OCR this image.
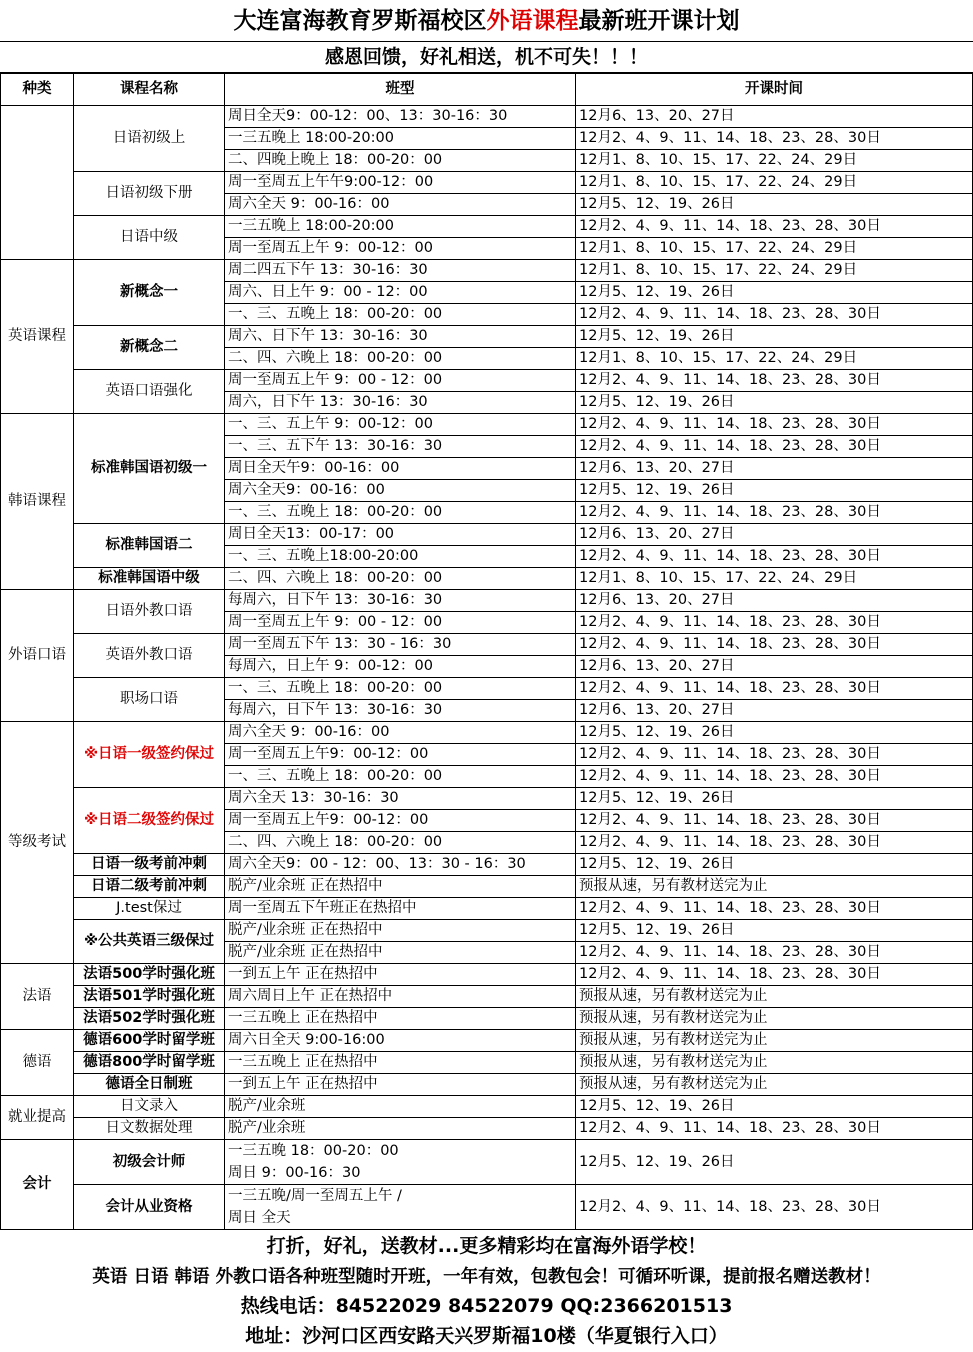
大连富海教育罗斯福校区外语课程最新班开课计划
感恩回馈，好礼相送，机不可失！！！
种类	课程名称	班型	开课时间
	日语初级上	周日全天9：00-12：00、13：30-16：30	12月6、13、20、27日
		一三五晚上 18:00-20:00	12月2、4、9、11、14、18、23、28、30日
		二、四晚上晚上 18：00-20：00	12月1、8、10、15、17、22、24、29日
	日语初级下册	周一至周五上午午9:00-12：00	12月1、8、10、15、17、22、24、29日
		周六全天 9：00-16：00	12月5、12、19、26日
	日语中级	一三五晚上 18:00-20:00	12月2、4、9、11、14、18、23、28、30日
		周一至周五上午 9：00-12：00	12月1、8、10、15、17、22、24、29日
英语课程	新概念一	周二四五下午 13：30-16：30	12月1、8、10、15、17、22、24、29日
		周六、日上午 9：00 - 12：00	12月5、12、19、26日
		一、三、五晚上 18：00-20：00	12月2、4、9、11、14、18、23、28、30日
	新概念二	周六、日下午 13：30-16：30	12月5、12、19、26日
		二、四、六晚上 18：00-20：00	12月1、8、10、15、17、22、24、29日
	英语口语强化	周一至周五上午 9：00 - 12：00	12月2、4、9、11、14、18、23、28、30日
		周六，日下午 13：30-16：30	12月5、12、19、26日
韩语课程	标准韩国语初级一	一、三、五上午 9：00-12：00	12月2、4、9、11、14、18、23、28、30日
		一、三、五下午 13：30-16：30	12月2、4、9、11、14、18、23、28、30日
		周日全天午9：00-16：00	12月6、13、20、27日
		周六全天9：00-16：00	12月5、12、19、26日
		一、三、五晚上 18：00-20：00	12月2、4、9、11、14、18、23、28、30日
	标准韩国语二	周日全天13：00-17：00	12月6、13、20、27日
		一、三、五晚上18:00-20:00	12月2、4、9、11、14、18、23、28、30日
	标准韩国语中级	二、四、六晚上 18：00-20：00	12月1、8、10、15、17、22、24、29日
外语口语	日语外教口语	每周六，日下午 13：30-16：30	12月6、13、20、27日
		周一至周五上午 9：00 - 12：00	12月2、4、9、11、14、18、23、28、30日
	英语外教口语	周一至周五下午 13：30 - 16：30	12月2、4、9、11、14、18、23、28、30日
		每周六，日上午 9：00-12：00	12月6、13、20、27日
	职场口语	一、三、五晚上 18：00-20：00	12月2、4、9、11、14、18、23、28、30日
		每周六，日下午 13：30-16：30	12月6、13、20、27日
等级考试	※日语一级签约保过	周六全天 9：00-16：00	12月5、12、19、26日
		周一至周五上午9：00-12：00	12月2、4、9、11、14、18、23、28、30日
		一、三、五晚上 18：00-20：00	12月2、4、9、11、14、18、23、28、30日
	※日语二级签约保过	周六全天 13：30-16：30	12月5、12、19、26日
		周一至周五上午9：00-12：00	12月2、4、9、11、14、18、23、28、30日
		二、四、六晚上 18：00-20：00	12月2、4、9、11、14、18、23、28、30日
	日语一级考前冲刺	周六全天9：00 - 12：00、13：30 - 16：30	12月5、12、19、26日
	日语二级考前冲刺	脱产/业余班 正在热招中	预报从速，另有教材送完为止
	J.test保过	周一至周五下午班正在热招中	12月2、4、9、11、14、18、23、28、30日
	※公共英语三级保过	脱产/业余班 正在热招中	12月5、12、19、26日
		脱产/业余班 正在热招中	12月2、4、9、11、14、18、23、28、30日
法语	法语500学时强化班	一到五上午 正在热招中	12月2、4、9、11、14、18、23、28、30日
	法语501学时强化班	周六周日上午 正在热招中	预报从速，另有教材送完为止
	法语502学时强化班	一三五晚上 正在热招中	预报从速，另有教材送完为止
德语	德语600学时留学班	周六日全天 9:00-16:00	预报从速，另有教材送完为止
	德语800学时留学班	一三五晚上 正在热招中	预报从速，另有教材送完为止
	德语全日制班	一到五上午 正在热招中	预报从速，另有教材送完为止
就业提高	日文录入	脱产/业余班	12月5、12、19、26日
	日文数据处理	脱产/业余班	12月2、4、9、11、14、18、23、28、30日
会计	初级会计师	一三五晚 18：00-20：00	12月5、12、19、26日
		周日 9：00-16：30	
	会计从业资格	一三五晚/周一至周五上午 /	12月2、4、9、11、14、18、23、28、30日
		周日 全天	
打折，好礼，送教材...更多精彩均在富海外语学校！
英语 日语 韩语 外教口语各种班型随时开班，一年有效，包教包会！可循环听课，提前报名赠送教材！
热线电话：84522029 84522079 QQ:2366201513
地址：沙河口区西安路天兴罗斯福10楼（华夏银行入口）
